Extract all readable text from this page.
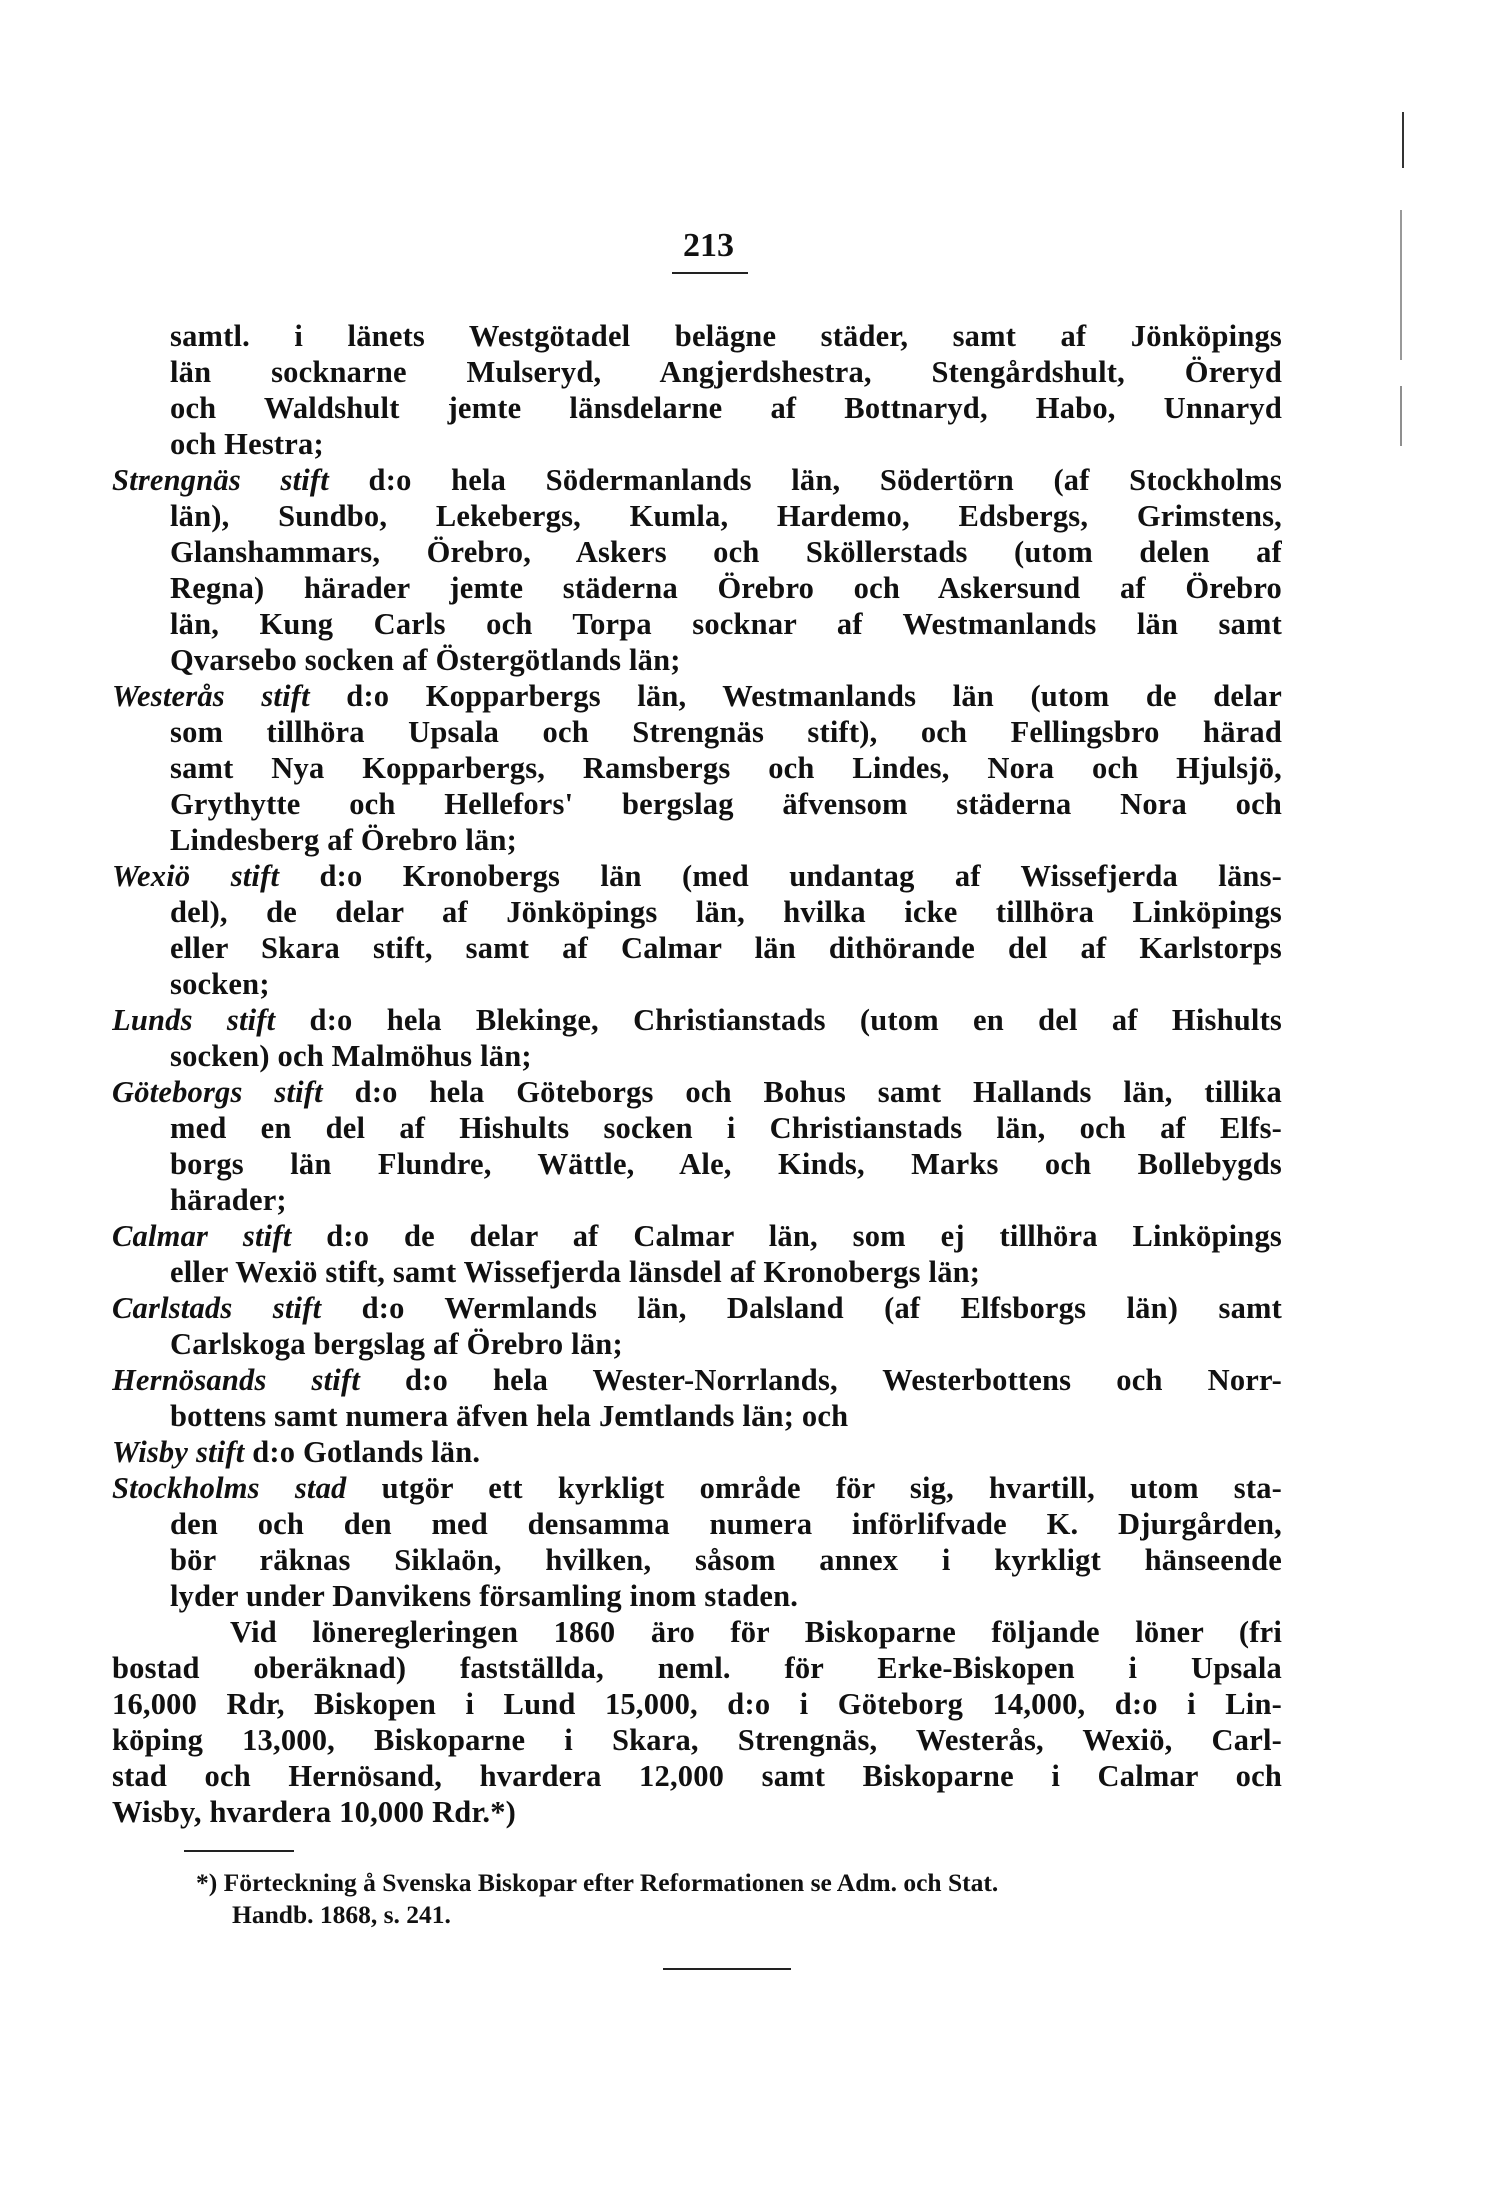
213
samtl. i länets Westgötadel belägne städer, samt af Jönköpings
län socknarne Mulseryd, Angjerdshestra, Stengårdshult, Öreryd
och Waldshult jemte länsdelarne af Bottnaryd, Habo, Unnaryd
och Hestra;
Strengnäs stift d:o hela Södermanlands län, Södertörn (af Stockholms
län), Sundbo, Lekebergs, Kumla, Hardemo, Edsbergs, Grimstens,
Glanshammars, Örebro, Askers och Sköllerstads (utom delen af
Regna) härader jemte städerna Örebro och Askersund af Örebro
län, Kung Carls och Torpa socknar af Westmanlands län samt
Qvarsebo socken af Östergötlands län;
Westerås stift d:o Kopparbergs län, Westmanlands län (utom de delar
som tillhöra Upsala och Strengnäs stift), och Fellingsbro härad
samt Nya Kopparbergs, Ramsbergs och Lindes, Nora och Hjulsjö,
Grythytte och Hellefors' bergslag äfvensom städerna Nora och
Lindesberg af Örebro län;
Wexiö stift d:o Kronobergs län (med undantag af Wissefjerda läns-
del), de delar af Jönköpings län, hvilka icke tillhöra Linköpings
eller Skara stift, samt af Calmar län dithörande del af Karlstorps
socken;
Lunds stift d:o hela Blekinge, Christianstads (utom en del af Hishults
socken) och Malmöhus län;
Göteborgs stift d:o hela Göteborgs och Bohus samt Hallands län, tillika
med en del af Hishults socken i Christianstads län, och af Elfs-
borgs län Flundre, Wättle, Ale, Kinds, Marks och Bollebygds
härader;
Calmar stift d:o de delar af Calmar län, som ej tillhöra Linköpings
eller Wexiö stift, samt Wissefjerda länsdel af Kronobergs län;
Carlstads stift d:o Wermlands län, Dalsland (af Elfsborgs län) samt
Carlskoga bergslag af Örebro län;
Hernösands stift d:o hela Wester-Norrlands, Westerbottens och Norr-
bottens samt numera äfven hela Jemtlands län; och
Wisby stift d:o Gotlands län.
Stockholms stad utgör ett kyrkligt område för sig, hvartill, utom sta-
den och den med densamma numera införlifvade K. Djurgården,
bör räknas Siklaön, hvilken, såsom annex i kyrkligt hänseende
lyder under Danvikens församling inom staden.
Vid löneregleringen 1860 äro för Biskoparne följande löner (fri
bostad oberäknad) fastställda, neml. för Erke-Biskopen i Upsala
16,000 Rdr, Biskopen i Lund 15,000, d:o i Göteborg 14,000, d:o i Lin-
köping 13,000, Biskoparne i Skara, Strengnäs, Westerås, Wexiö, Carl-
stad och Hernösand, hvardera 12,000 samt Biskoparne i Calmar och
Wisby, hvardera 10,000 Rdr.*)
*) Förteckning å Svenska Biskopar efter Reformationen se Adm. och Stat.
Handb. 1868, s. 241.
